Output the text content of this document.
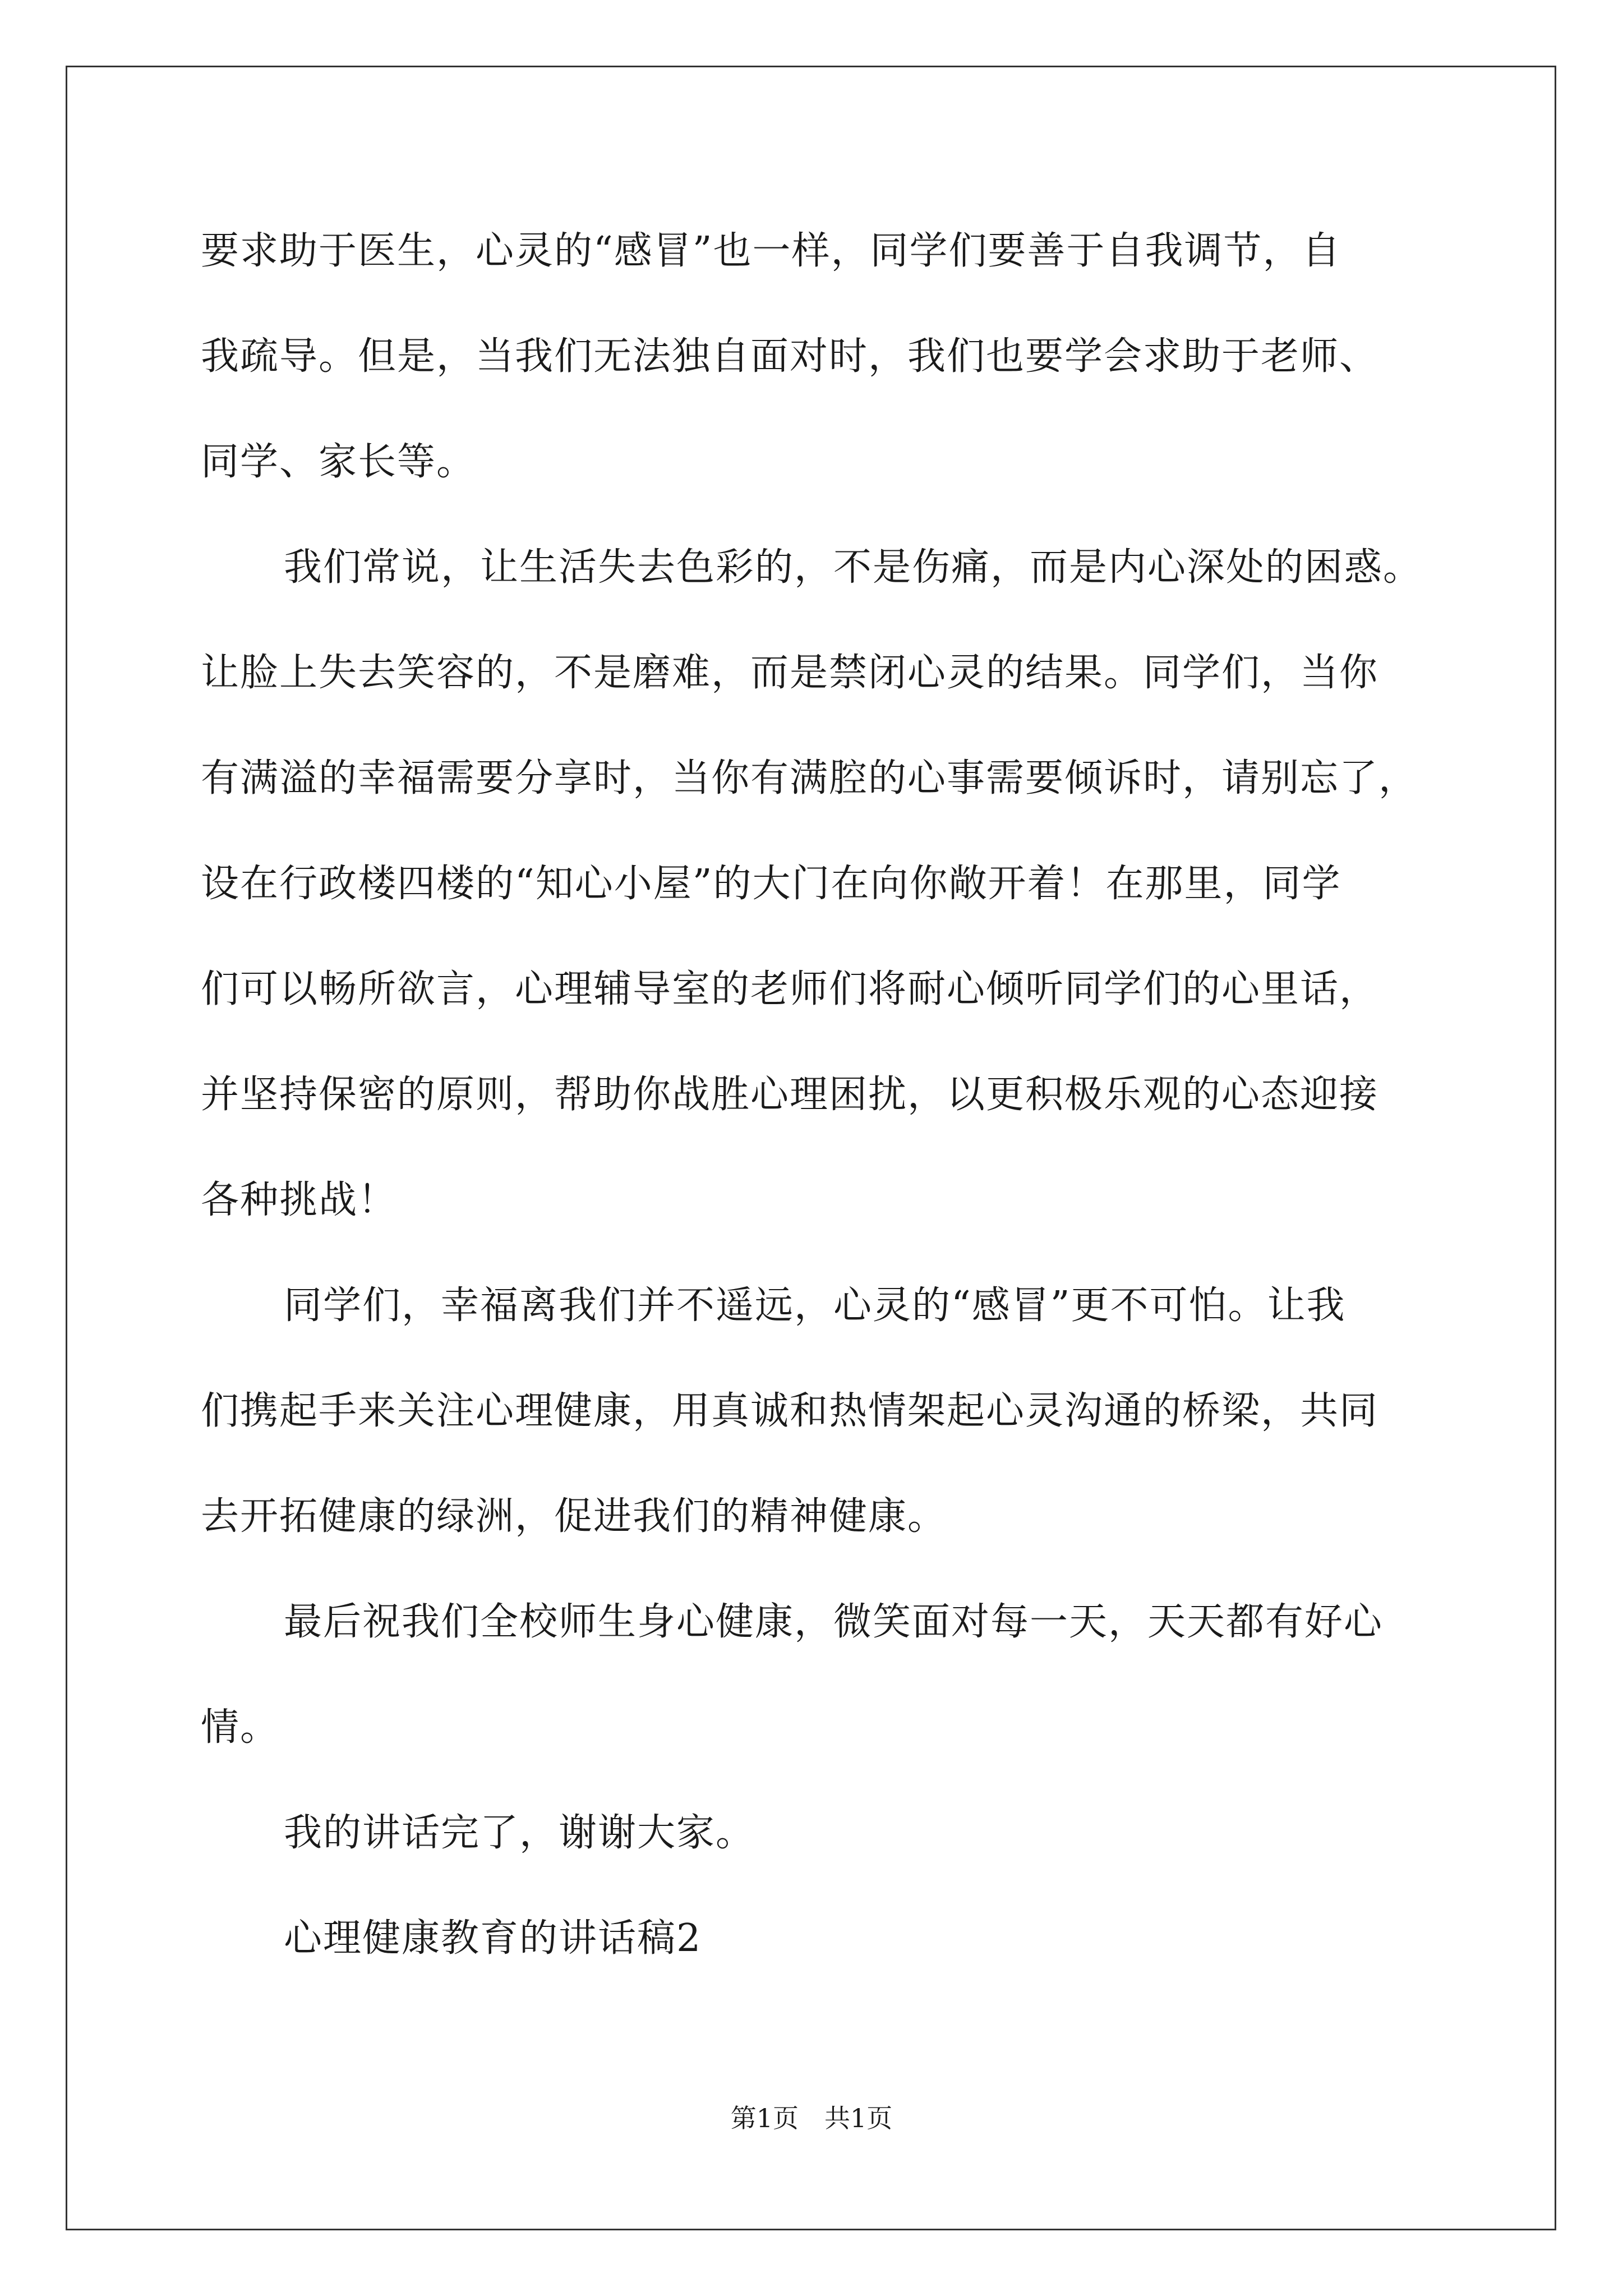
要求助于医生，心灵的“感冒”也一样，同学们要善于自我调节，自
我疏导。但是，当我们无法独自面对时，我们也要学会求助于老师、
同学、家长等。
我们常说，让生活失去色彩的，不是伤痛，而是内心深处的困惑。
让脸上失去笑容的，不是磨难，而是禁闭心灵的结果。同学们，当你
有满溢的幸福需要分享时，当你有满腔的心事需要倾诉时，请别忘了，
设在行政楼四楼的“知心小屋”的大门在向你敞开着！在那里，同学
们可以畅所欲言，心理辅导室的老师们将耐心倾听同学们的心里话，
并坚持保密的原则，帮助你战胜心理困扰，以更积极乐观的心态迎接
各种挑战！
同学们，幸福离我们并不遥远，心灵的“感冒”更不可怕。让我
们携起手来关注心理健康，用真诚和热情架起心灵沟通的桥梁，共同
去开拓健康的绿洲，促进我们的精神健康。
最后祝我们全校师生身心健康，微笑面对每一天，天天都有好心
情。
我的讲话完了，谢谢大家。
心理健康教育的讲话稿2
第1页　共1页
